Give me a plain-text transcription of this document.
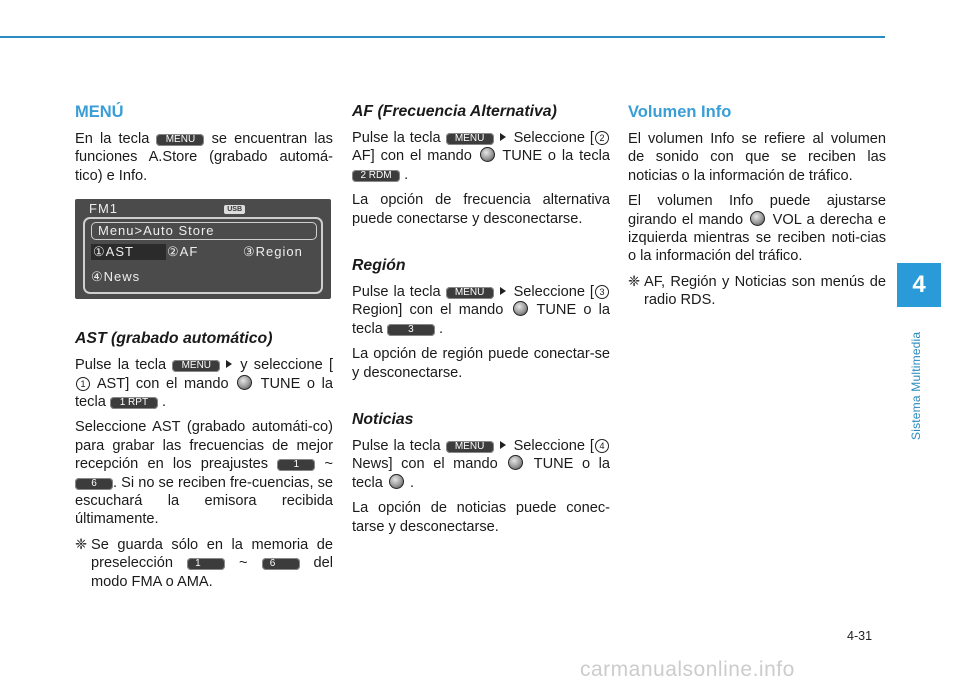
MENÚ

En la tecla MENU se encuentran las funciones A.Store (grabado automá-tico) e Info.

FM1	USB
Menu>Auto Store
①AST	②AF	③Region
④News
AST (grabado automático)

Pulse la tecla MENU y seleccione [1 AST] con el mando TUNE o la tecla 1 RPT .

Seleccione AST (grabado automáti-co) para grabar las frecuencias de mejor recepción en los preajustes	1 ~ 6 . Si no se reciben fre-cuencias, se escuchará la emisora recibida últimamente.

❈ Se guarda sólo en la memoria de preselección 1	~ 6	del modo FMA o AMA.

AF (Frecuencia Alternativa)

Pulse la tecla MENU Seleccione [ 2 AF] con el mando TUNE o la tecla 2 RDM .

La opción de frecuencia alternativa puede conectarse y desconectarse.

Región

Pulse la tecla MENU Seleccione [ 3 Region] con el mando TUNE o la tecla	3 .

La opción de región puede conectar-se y desconectarse.

Noticias

Pulse la tecla MENU Seleccione [ 4 News] con el mando TUNE o la tecla .

La opción de noticias puede conec-tarse y desconectarse.

Volumen Info

El volumen Info se refiere al volumen de sonido con que se reciben las noticias o la información de tráfico.

El volumen Info puede ajustarse girando el mando VOL a derecha e izquierda mientras se reciben noti-cias o la información del tráfico.

❈ AF, Región y Noticias son menús de radio RDS.

4
Sistema Multimedia
4-31
carmanualsonline.info
